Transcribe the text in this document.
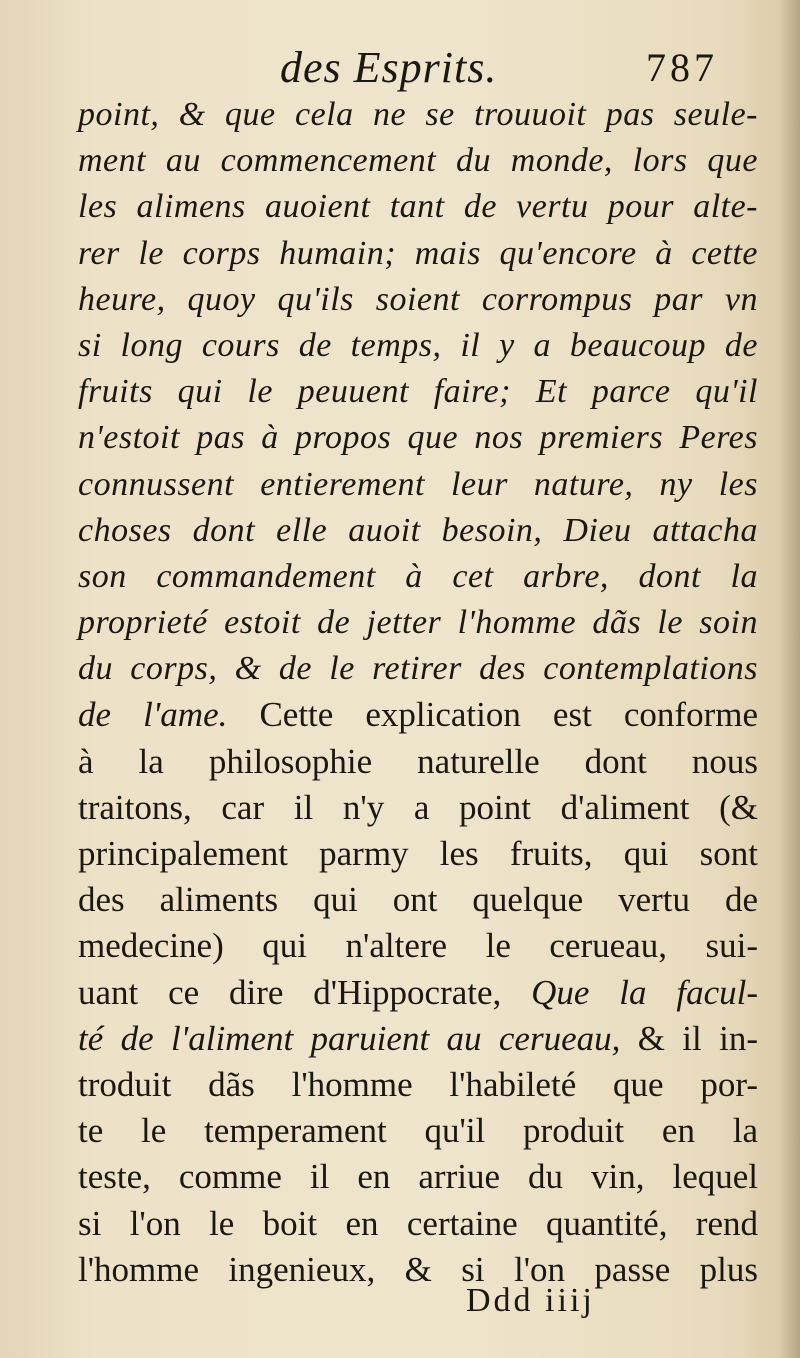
des Esprits.	787
point, & que cela ne se trouuoit pas seule-
ment au commencement du monde, lors que
les alimens auoient tant de vertu pour alte-
rer le corps humain; mais qu'encore à cette
heure, quoy qu'ils soient corrompus par vn
si long cours de temps, il y a beaucoup de
fruits qui le peuuent faire; Et parce qu'il
n'estoit pas à propos que nos premiers Peres
connussent entierement leur nature, ny les
choses dont elle auoit besoin, Dieu attacha
son commandement à cet arbre, dont la
proprieté estoit de jetter l'homme dãs le soin
du corps, & de le retirer des contemplations
de l'ame. Cette explication est conforme
à la philosophie naturelle dont nous
traitons, car il n'y a point d'aliment (&
principalement parmy les fruits, qui sont
des aliments qui ont quelque vertu de
medecine) qui n'altere le cerueau, sui-
uant ce dire d'Hippocrate, Que la facul-
té de l'aliment paruient au cerueau, & il in-
troduit dãs l'homme l'habileté que por-
te le temperament qu'il produit en la
teste, comme il en arriue du vin, lequel
si l'on le boit en certaine quantité, rend
l'homme ingenieux, & si l'on passe plus
Ddd iiij
